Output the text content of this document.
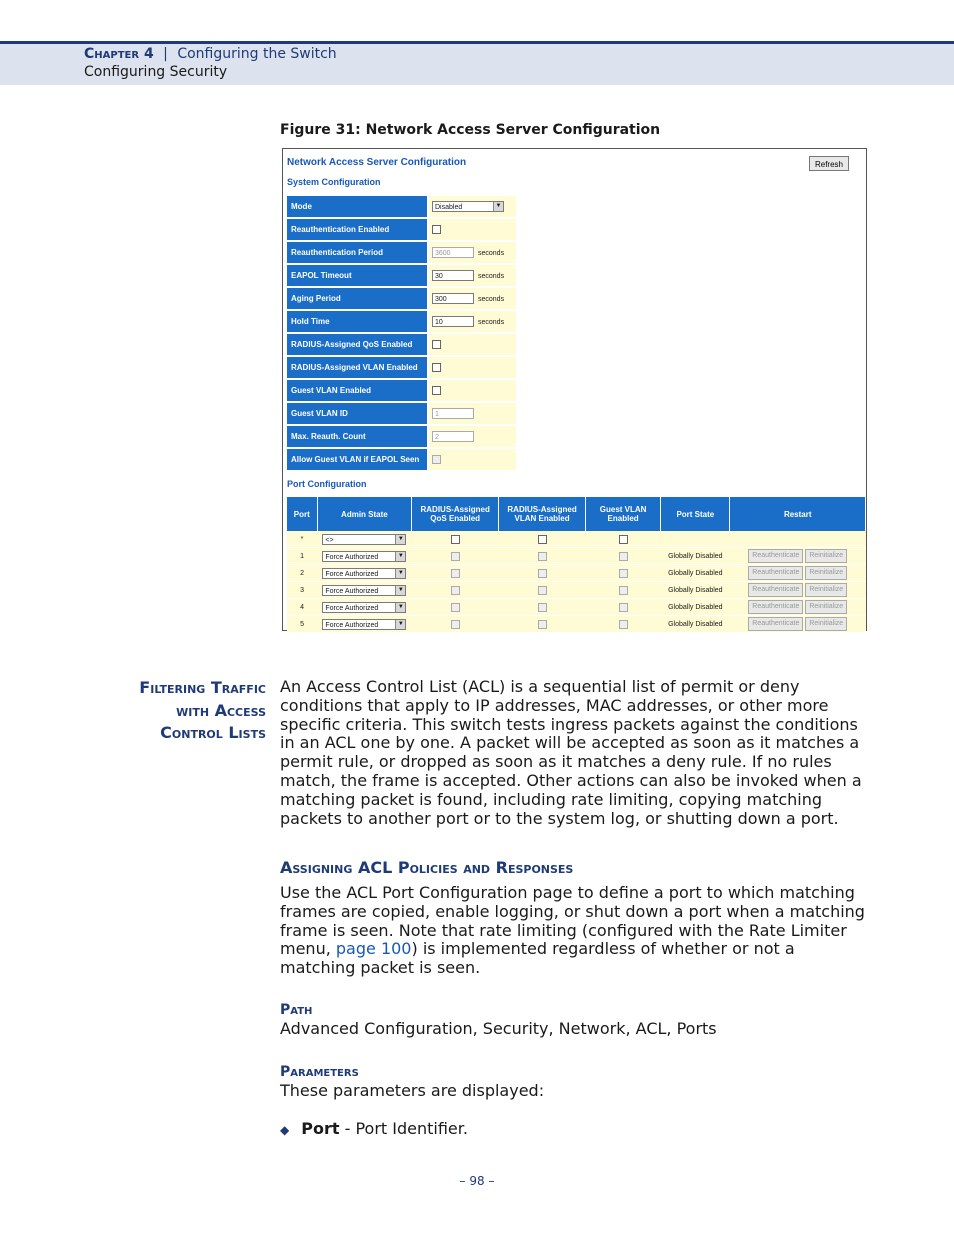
Chapter 4 | Configuring the Switch
Configuring Security
Figure 31: Network Access Server Configuration
Network Access Server Configuration	Refresh
System Configuration
Mode	Disabled ▼

Reauthentication Enabled	
Reauthentication Period	3600 seconds
EAPOL Timeout	30 seconds
Aging Period	300 seconds
Hold Time	10 seconds
RADIUS-Assigned QoS Enabled	
RADIUS-Assigned VLAN Enabled	
Guest VLAN Enabled	
Guest VLAN ID	1
Max. Reauth. Count	2
Allow Guest VLAN if EAPOL Seen	
Port Configuration
Port	Admin State	RADIUS-Assigned QoS Enabled	RADIUS-Assigned VLAN Enabled	Guest VLAN Enabled	Port State	Restart
*	<> ▼					

1	Force Authorized ▼				Globally Disabled	Reauthenticate Reinitialize
2	Force Authorized ▼				Globally Disabled	Reauthenticate Reinitialize
3	Force Authorized ▼				Globally Disabled	Reauthenticate Reinitialize
4	Force Authorized ▼				Globally Disabled	Reauthenticate Reinitialize
5	Force Authorized ▼				Globally Disabled	Reauthenticate Reinitialize
Filtering Traffic
with Access
Control Lists
An Access Control List (ACL) is a sequential list of permit or deny conditions that apply to IP addresses, MAC addresses, or other more specific criteria. This switch tests ingress packets against the conditions in an ACL one by one. A packet will be accepted as soon as it matches a permit rule, or dropped as soon as it matches a deny rule. If no rules match, the frame is accepted. Other actions can also be invoked when a matching packet is found, including rate limiting, copying matching packets to another port or to the system log, or shutting down a port.
Assigning ACL Policies and Responses
Use the ACL Port Configuration page to define a port to which matching frames are copied, enable logging, or shut down a port when a matching frame is seen. Note that rate limiting (configured with the Rate Limiter menu, page 100) is implemented regardless of whether or not a matching packet is seen.
Path
Advanced Configuration, Security, Network, ACL, Ports
Parameters
These parameters are displayed:
◆ Port - Port Identifier.
– 98 –
